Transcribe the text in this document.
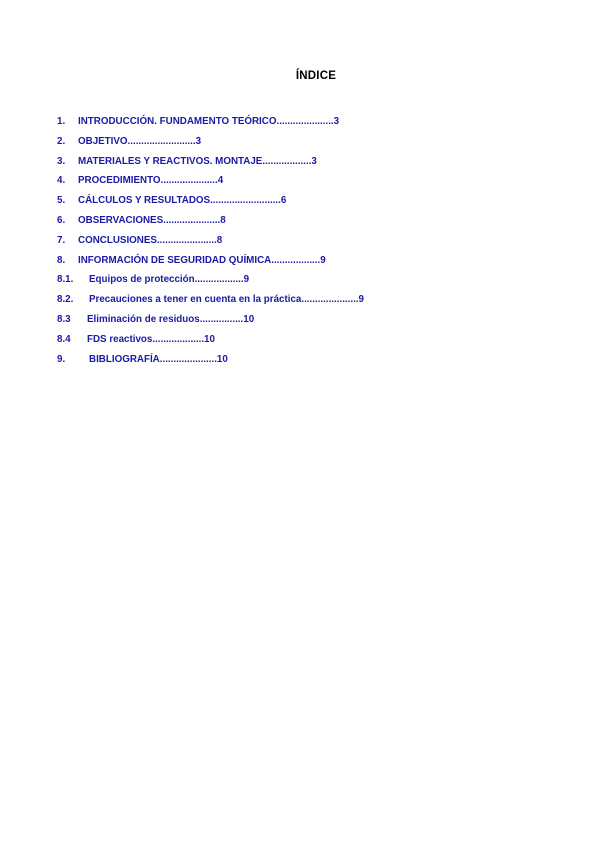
ÍNDICE
1. INTRODUCCIÓN. FUNDAMENTO TEÓRICO.....................3
2. OBJETIVO.........................3
3. MATERIALES Y REACTIVOS. MONTAJE..................3
4. PROCEDIMIENTO.....................4
5. CÁLCULOS Y RESULTADOS..........................6
6. OBSERVACIONES.....................8
7. CONCLUSIONES......................8
8. INFORMACIÓN DE SEGURIDAD QUÍMICA..................9
8.1. Equipos de protección..................9
8.2. Precauciones a tener en cuenta en la práctica.....................9
8.3 Eliminación de residuos................10
8.4 FDS reactivos...................10
9. BIBLIOGRAFÍA.....................10
